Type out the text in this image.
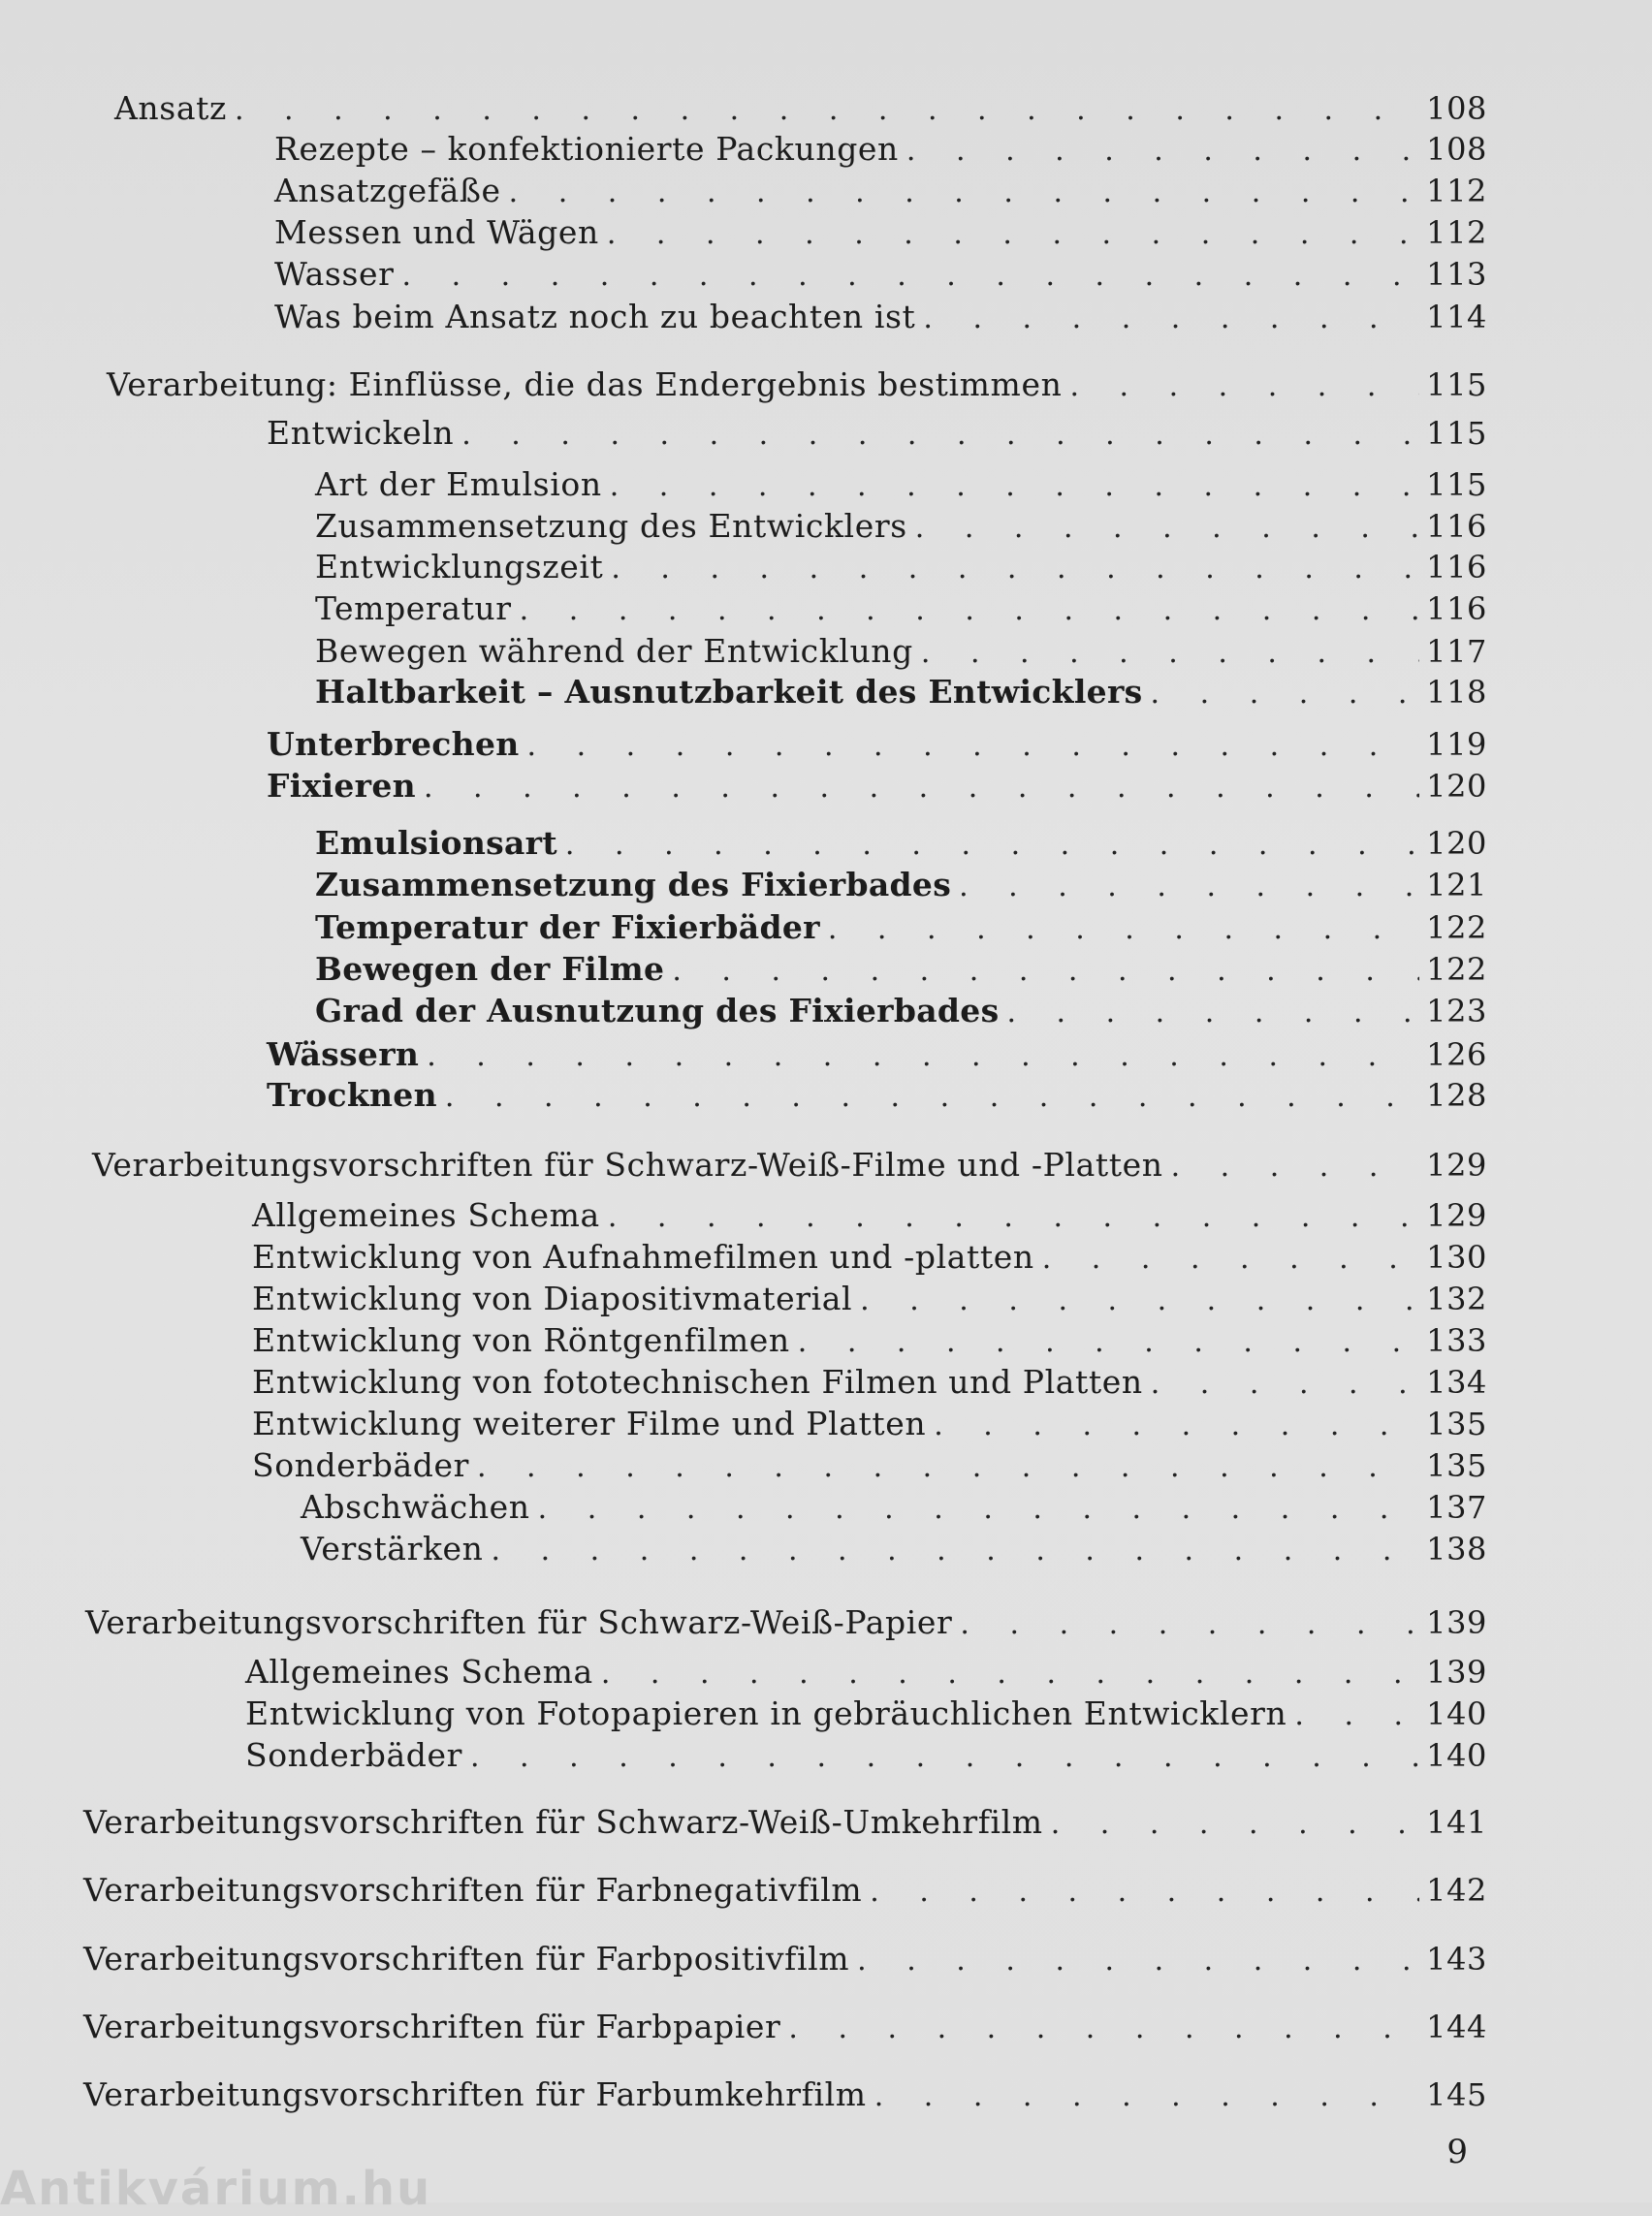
Ansatz . . .	108
Rezepte – konfektionierte Packungen . . .	108
Ansatzgefäße . . .	112
Messen und Wägen . . .	112
Wasser . . .	113
Was beim Ansatz noch zu beachten ist . . .	114
Verarbeitung: Einflüsse, die das Endergebnis bestimmen . . .	115
Entwickeln . . .	115
Art der Emulsion . . .	115
Zusammensetzung des Entwicklers . . .	116
Entwicklungszeit . . .	116
Temperatur . . .	116
Bewegen während der Entwicklung . . .	117
Haltbarkeit – Ausnutzbarkeit des Entwicklers . . .	118
Unterbrechen . . .	119
Fixieren . . .	120
Emulsionsart . . .	120
Zusammensetzung des Fixierbades . . .	121
Temperatur der Fixierbäder . . .	122
Bewegen der Filme . . .	122
Grad der Ausnutzung des Fixierbades . . .	123
Wässern . . .	126
Trocknen . . .	128
Verarbeitungsvorschriften für Schwarz-Weiß-Filme und -Platten . . .	129
Allgemeines Schema . . .	129
Entwicklung von Aufnahmefilmen und -platten . . .	130
Entwicklung von Diapositivmaterial . . .	132
Entwicklung von Röntgenfilmen . . .	133
Entwicklung von fototechnischen Filmen und Platten . . .	134
Entwicklung weiterer Filme und Platten . . .	135
Sonderbäder . . .	135
Abschwächen . . .	137
Verstärken . . .	138
Verarbeitungsvorschriften für Schwarz-Weiß-Papier . . .	139
Allgemeines Schema . . .	139
Entwicklung von Fotopapieren in gebräuchlichen Entwicklern . . .	140
Sonderbäder . . .	140
Verarbeitungsvorschriften für Schwarz-Weiß-Umkehrfilm . . .	141
Verarbeitungsvorschriften für Farbnegativfilm . . .	142
Verarbeitungsvorschriften für Farbpositivfilm . . .	143
Verarbeitungsvorschriften für Farbpapier . . .	144
Verarbeitungsvorschriften für Farbumkehrfilm . . .	145
9
Antikvárium.hu
